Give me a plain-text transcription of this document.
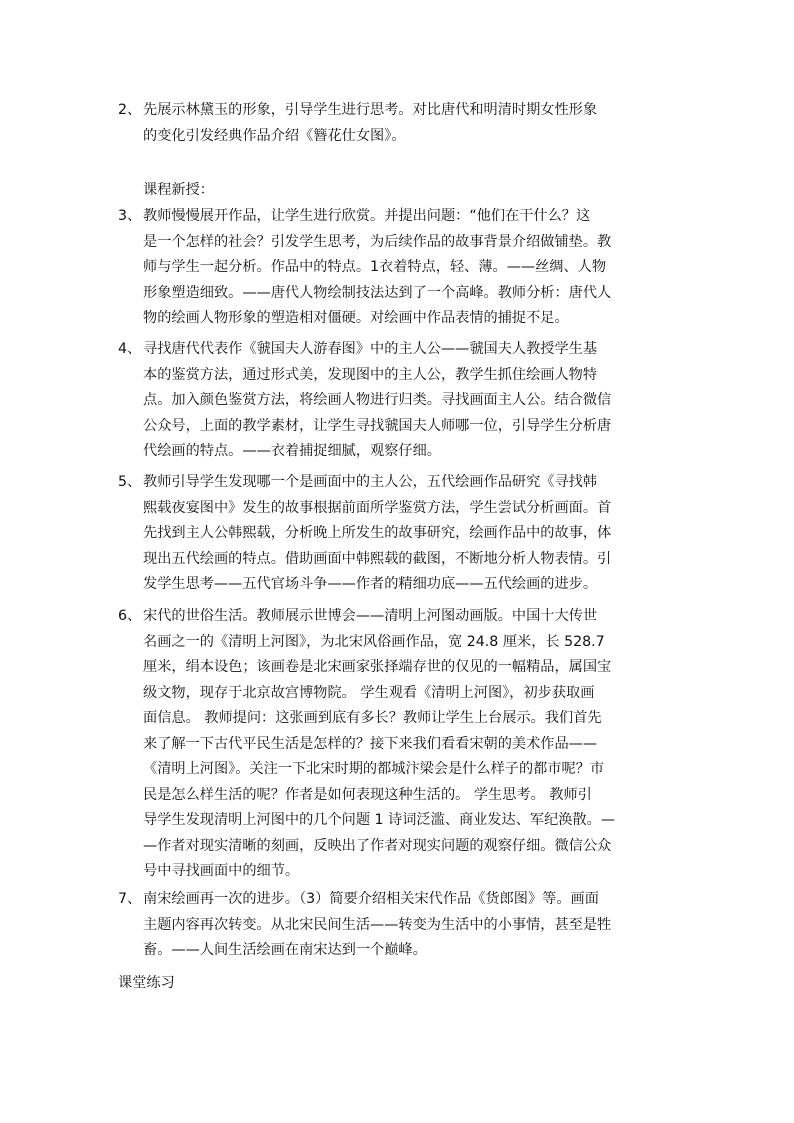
2、 先展示林黛玉的形象，引导学生进行思考。对比唐代和明清时期女性形象
的变化引发经典作品介绍《簪花仕女图》。
课程新授：
3、 教师慢慢展开作品，让学生进行欣赏。并提出问题：“他们在干什么？这
是一个怎样的社会？引发学生思考，为后续作品的故事背景介绍做铺垫。教
师与学生一起分析。作品中的特点。1衣着特点，轻、薄。——丝绸、人物
形象塑造细致。——唐代人物绘制技法达到了一个高峰。教师分析：唐代人
物的绘画人物形象的塑造相对僵硬。对绘画中作品表情的捕捉不足。
4、 寻找唐代代表作《虢国夫人游春图》中的主人公——虢国夫人教授学生基
本的鉴赏方法，通过形式美，发现图中的主人公，教学生抓住绘画人物特
点。加入颜色鉴赏方法，将绘画人物进行归类。寻找画面主人公。结合微信
公众号，上面的教学素材，让学生寻找虢国夫人师哪一位，引导学生分析唐
代绘画的特点。——衣着捕捉细腻，观察仔细。
5、 教师引导学生发现哪一个是画面中的主人公，五代绘画作品研究《寻找韩
熙载夜宴图中》发生的故事根据前面所学鉴赏方法，学生尝试分析画面。首
先找到主人公韩熙载，分析晚上所发生的故事研究，绘画作品中的故事，体
现出五代绘画的特点。借助画面中韩熙载的截图，不断地分析人物表情。引
发学生思考——五代官场斗争——作者的精细功底——五代绘画的进步。
6、 宋代的世俗生活。教师展示世博会——清明上河图动画版。中国十大传世
名画之一的《清明上河图》，为北宋风俗画作品，宽 24.8 厘米，长 528.7
厘米，绢本设色；该画卷是北宋画家张择端存世的仅见的一幅精品，属国宝
级文物，现存于北京故宫博物院。 学生观看《清明上河图》，初步获取画
面信息。 教师提问：这张画到底有多长？教师让学生上台展示。我们首先
来了解一下古代平民生活是怎样的？接下来我们看看宋朝的美术作品——
《清明上河图》。关注一下北宋时期的都城汴梁会是什么样子的都市呢？市
民是怎么样生活的呢？作者是如何表现这种生活的。 学生思考。 教师引
导学生发现清明上河图中的几个问题 1 诗词泛滥、商业发达、军纪涣散。—
—作者对现实清晰的刻画，反映出了作者对现实问题的观察仔细。微信公众
号中寻找画面中的细节。
7、 南宋绘画再一次的进步。（3）简要介绍相关宋代作品《货郎图》等。画面
主题内容再次转变。从北宋民间生活——转变为生活中的小事情，甚至是牲
畜。——人间生活绘画在南宋达到一个巅峰。
课堂练习
